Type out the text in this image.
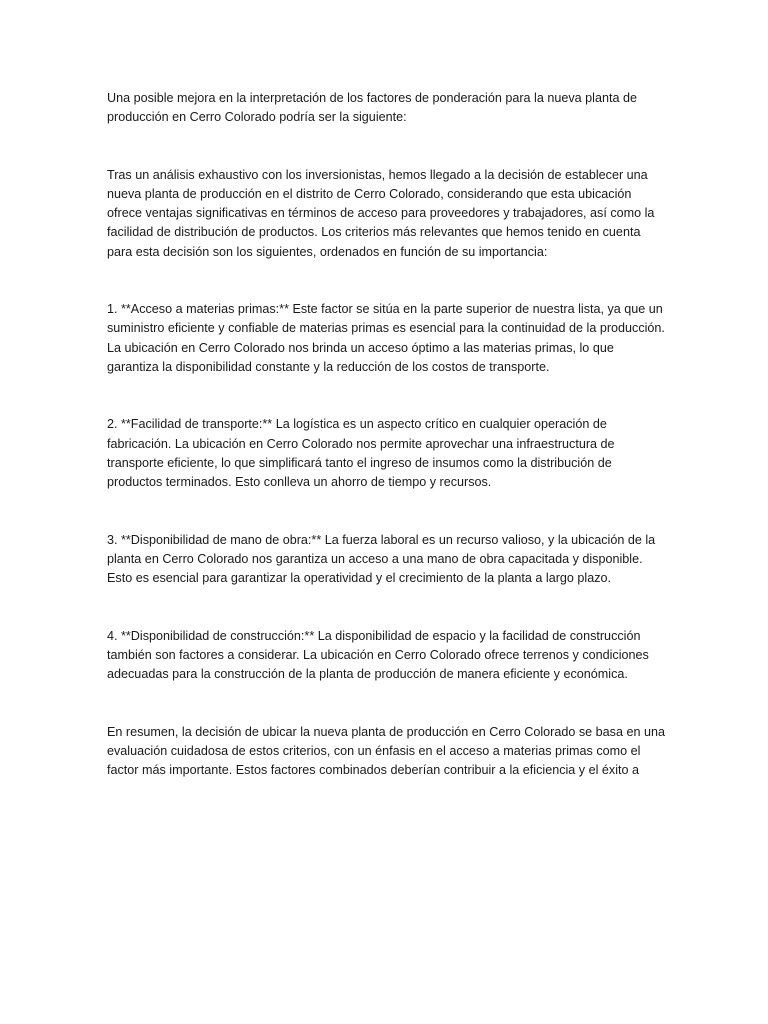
Una posible mejora en la interpretación de los factores de ponderación para la nueva planta de producción en Cerro Colorado podría ser la siguiente:

Tras un análisis exhaustivo con los inversionistas, hemos llegado a la decisión de establecer una nueva planta de producción en el distrito de Cerro Colorado, considerando que esta ubicación ofrece ventajas significativas en términos de acceso para proveedores y trabajadores, así como la facilidad de distribución de productos. Los criterios más relevantes que hemos tenido en cuenta para esta decisión son los siguientes, ordenados en función de su importancia:

1. **Acceso a materias primas:** Este factor se sitúa en la parte superior de nuestra lista, ya que un suministro eficiente y confiable de materias primas es esencial para la continuidad de la producción. La ubicación en Cerro Colorado nos brinda un acceso óptimo a las materias primas, lo que garantiza la disponibilidad constante y la reducción de los costos de transporte.

2. **Facilidad de transporte:** La logística es un aspecto crítico en cualquier operación de fabricación. La ubicación en Cerro Colorado nos permite aprovechar una infraestructura de transporte eficiente, lo que simplificará tanto el ingreso de insumos como la distribución de productos terminados. Esto conlleva un ahorro de tiempo y recursos.

3. **Disponibilidad de mano de obra:** La fuerza laboral es un recurso valioso, y la ubicación de la planta en Cerro Colorado nos garantiza un acceso a una mano de obra capacitada y disponible. Esto es esencial para garantizar la operatividad y el crecimiento de la planta a largo plazo.

4. **Disponibilidad de construcción:** La disponibilidad de espacio y la facilidad de construcción también son factores a considerar. La ubicación en Cerro Colorado ofrece terrenos y condiciones adecuadas para la construcción de la planta de producción de manera eficiente y económica.

En resumen, la decisión de ubicar la nueva planta de producción en Cerro Colorado se basa en una evaluación cuidadosa de estos criterios, con un énfasis en el acceso a materias primas como el factor más importante. Estos factores combinados deberían contribuir a la eficiencia y el éxito a
